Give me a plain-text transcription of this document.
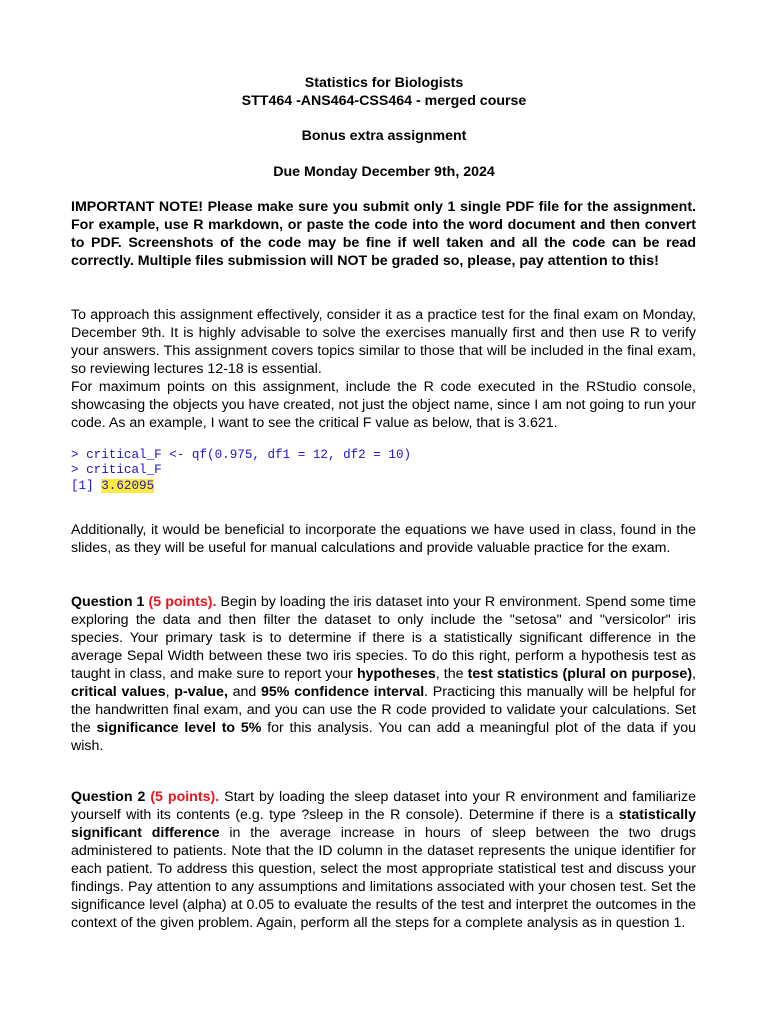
Statistics for Biologists
STT464 -ANS464-CSS464 - merged course
Bonus extra assignment
Due Monday December 9th, 2024

IMPORTANT NOTE! Please make sure you submit only 1 single PDF file for the assignment. For example, use R markdown, or paste the code into the word document and then convert to PDF. Screenshots of the code may be fine if well taken and all the code can be read correctly. Multiple files submission will NOT be graded so, please, pay attention to this!

To approach this assignment effectively, consider it as a practice test for the final exam on Monday, December 9th. It is highly advisable to solve the exercises manually first and then use R to verify your answers. This assignment covers topics similar to those that will be included in the final exam, so reviewing lectures 12-18 is essential.

For maximum points on this assignment, include the R code executed in the RStudio console, showcasing the objects you have created, not just the object name, since I am not going to run your code. As an example, I want to see the critical F value as below, that is 3.621.

> critical_F <- qf(0.975, df1 = 12, df2 = 10)
> critical_F
[1] 3.62095

Additionally, it would be beneficial to incorporate the equations we have used in class, found in the slides, as they will be useful for manual calculations and provide valuable practice for the exam.

Question 1 (5 points). Begin by loading the iris dataset into your R environment. Spend some time exploring the data and then filter the dataset to only include the "setosa" and "versicolor" iris species. Your primary task is to determine if there is a statistically significant difference in the average Sepal Width between these two iris species. To do this right, perform a hypothesis test as taught in class, and make sure to report your hypotheses, the test statistics (plural on purpose), critical values, p-value, and 95% confidence interval. Practicing this manually will be helpful for the handwritten final exam, and you can use the R code provided to validate your calculations. Set the significance level to 5% for this analysis. You can add a meaningful plot of the data if you wish.

Question 2 (5 points). Start by loading the sleep dataset into your R environment and familiarize yourself with its contents (e.g. type ?sleep in the R console). Determine if there is a statistically significant difference in the average increase in hours of sleep between the two drugs administered to patients. Note that the ID column in the dataset represents the unique identifier for each patient. To address this question, select the most appropriate statistical test and discuss your findings. Pay attention to any assumptions and limitations associated with your chosen test. Set the significance level (alpha) at 0.05 to evaluate the results of the test and interpret the outcomes in the context of the given problem. Again, perform all the steps for a complete analysis as in question 1.
